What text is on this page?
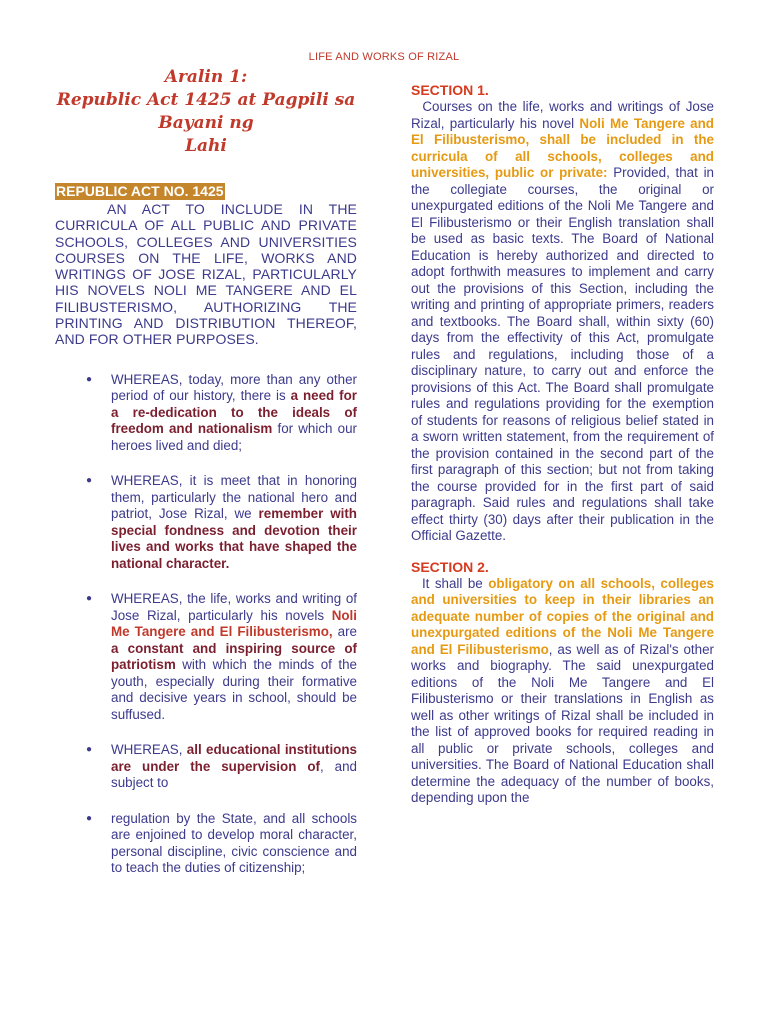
LIFE AND WORKS OF RIZAL
Aralin 1:
Republic Act 1425 at Pagpili sa Bayani ng
Lahi
REPUBLIC ACT NO. 1425

AN ACT TO INCLUDE IN THE CURRICULA OF ALL PUBLIC AND PRIVATE SCHOOLS, COLLEGES AND UNIVERSITIES COURSES ON THE LIFE, WORKS AND WRITINGS OF JOSE RIZAL, PARTICULARLY HIS NOVELS NOLI ME TANGERE AND EL FILIBUSTERISMO, AUTHORIZING THE PRINTING AND DISTRIBUTION THEREOF, AND FOR OTHER PURPOSES.

● WHEREAS, today, more than any other period of our history, there is a need for a re-dedication to the ideals of freedom and nationalism for which our heroes lived and died;

● WHEREAS, it is meet that in honoring them, particularly the national hero and patriot, Jose Rizal, we remember with special fondness and devotion their lives and works that have shaped the national character.

● WHEREAS, the life, works and writing of Jose Rizal, particularly his novels Noli Me Tangere and El Filibusterismo, are a constant and inspiring source of patriotism with which the minds of the youth, especially during their formative and decisive years in school, should be suffused.

● WHEREAS, all educational institutions are under the supervision of, and subject to

● regulation by the State, and all schools are enjoined to develop moral character, personal discipline, civic conscience and to teach the duties of citizenship;

SECTION 1.

Courses on the life, works and writings of Jose Rizal, particularly his novel Noli Me Tangere and El Filibusterismo, shall be included in the curricula of all schools, colleges and universities, public or private: Provided, that in the collegiate courses, the original or unexpurgated editions of the Noli Me Tangere and El Filibusterismo or their English translation shall be used as basic texts. The Board of National Education is hereby authorized and directed to adopt forthwith measures to implement and carry out the provisions of this Section, including the writing and printing of appropriate primers, readers and textbooks. The Board shall, within sixty (60) days from the effectivity of this Act, promulgate rules and regulations, including those of a disciplinary nature, to carry out and enforce the provisions of this Act. The Board shall promulgate rules and regulations providing for the exemption of students for reasons of religious belief stated in a sworn written statement, from the requirement of the provision contained in the second part of the first paragraph of this section; but not from taking the course provided for in the first part of said paragraph. Said rules and regulations shall take effect thirty (30) days after their publication in the Official Gazette.

SECTION 2.

It shall be obligatory on all schools, colleges and universities to keep in their libraries an adequate number of copies of the original and unexpurgated editions of the Noli Me Tangere and El Filibusterismo, as well as of Rizal's other works and biography. The said unexpurgated editions of the Noli Me Tangere and El Filibusterismo or their translations in English as well as other writings of Rizal shall be included in the list of approved books for required reading in all public or private schools, colleges and universities. The Board of National Education shall determine the adequacy of the number of books, depending upon the
